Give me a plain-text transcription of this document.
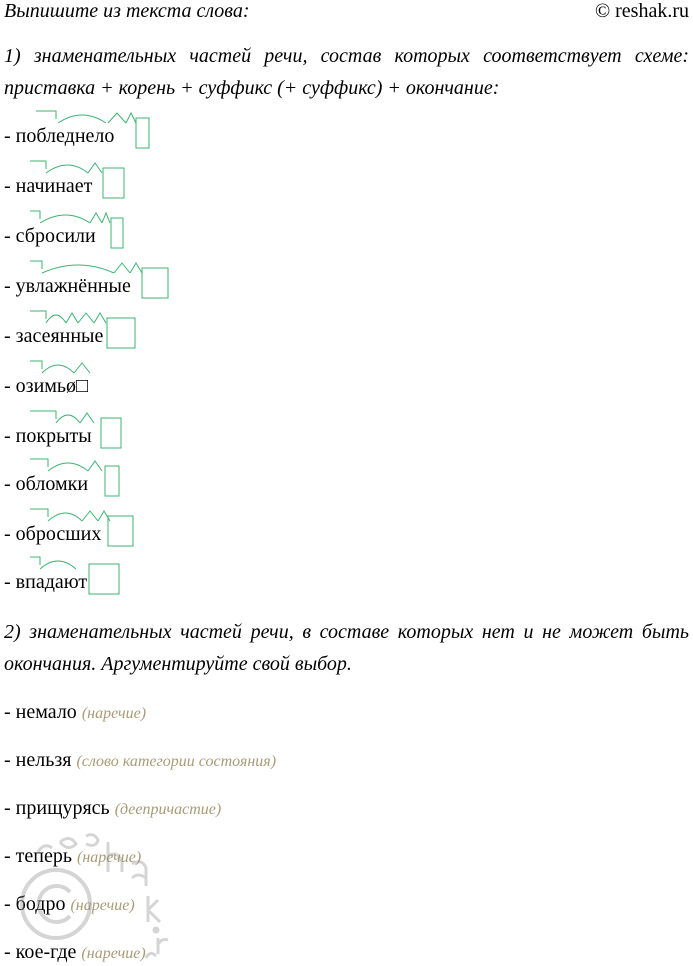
Выпишите из текста слова:	© reshak.ru
1) знаменательных частей речи, состав которых соответствует схеме: приставка + корень + суффикс (+ суффикс) + окончание:
-
побледнело
-
начинает
-
сбросили
-
увлажнённые
-
засеянные
-
озимьø□
-
покрыты
-
обломки
-
обросших
-
впадают
2) знаменательных частей речи, в составе которых нет и не может быть окончания. Аргументируйте свой выбор.
- немало (наречие)
- нельзя (слово категории состояния)
- прищурясь (деепричастие)
- теперь (наречие)
- бодро (наречие)
- кое-где (наречие)
